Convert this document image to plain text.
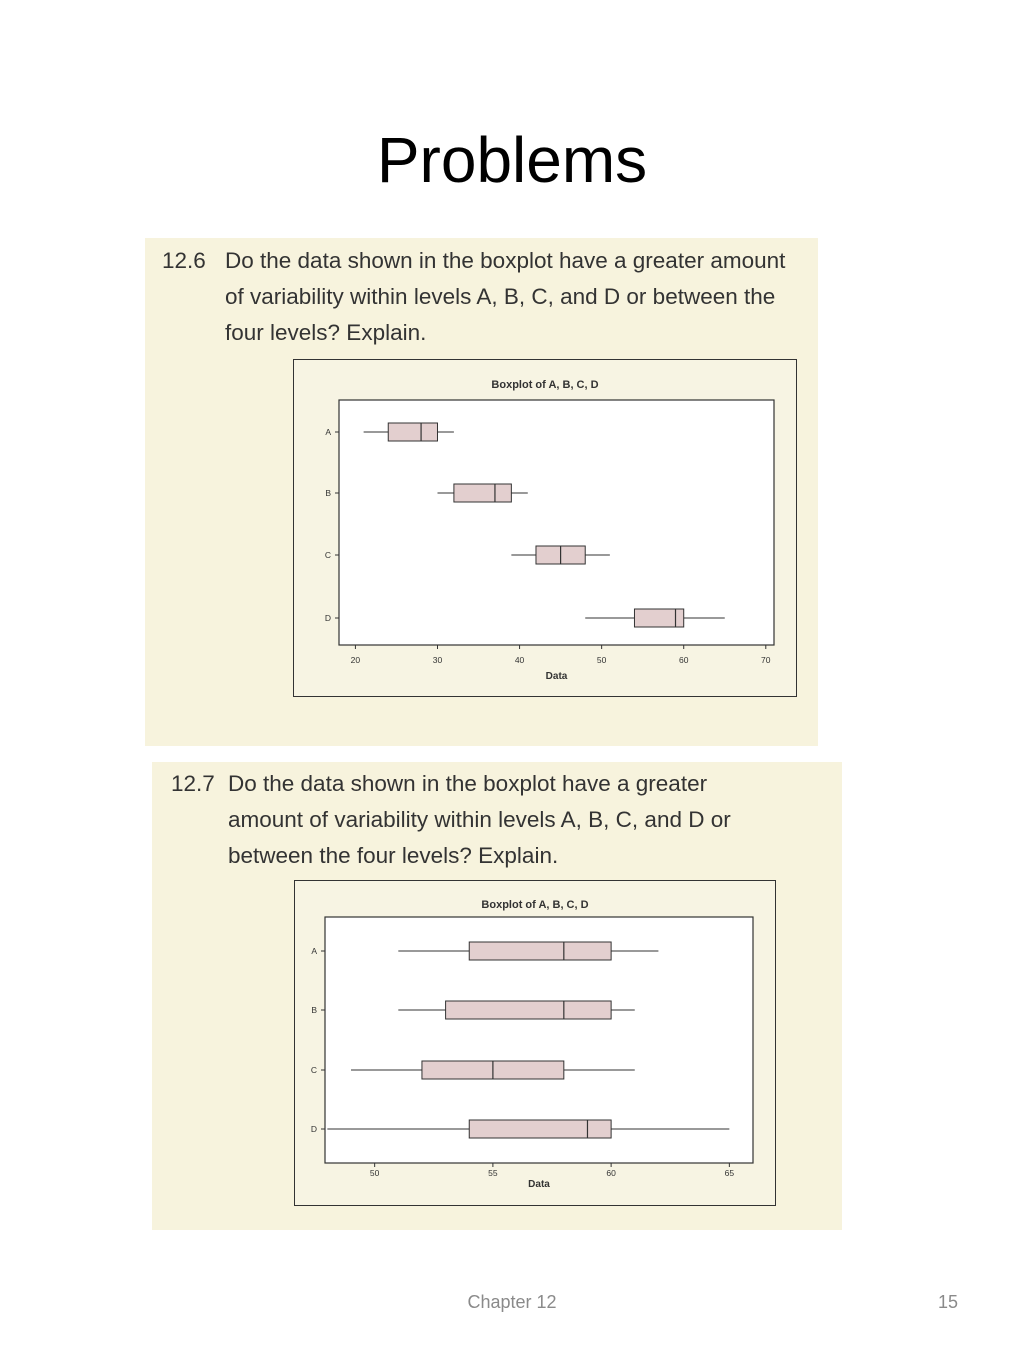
Problems
12.6 Do the data shown in the boxplot have a greater amount of variability within levels A, B, C, and D or between the four levels? Explain.
Boxplot of A, B, C, D
20	30	40	50	60	70
Data
A
B
C
D
12.7 Do the data shown in the boxplot have a greater amount of variability within levels A, B, C, and D or between the four levels? Explain.
Boxplot of A, B, C, D
50	55	60	65
Data
A
B
C
D
Chapter 12	15
